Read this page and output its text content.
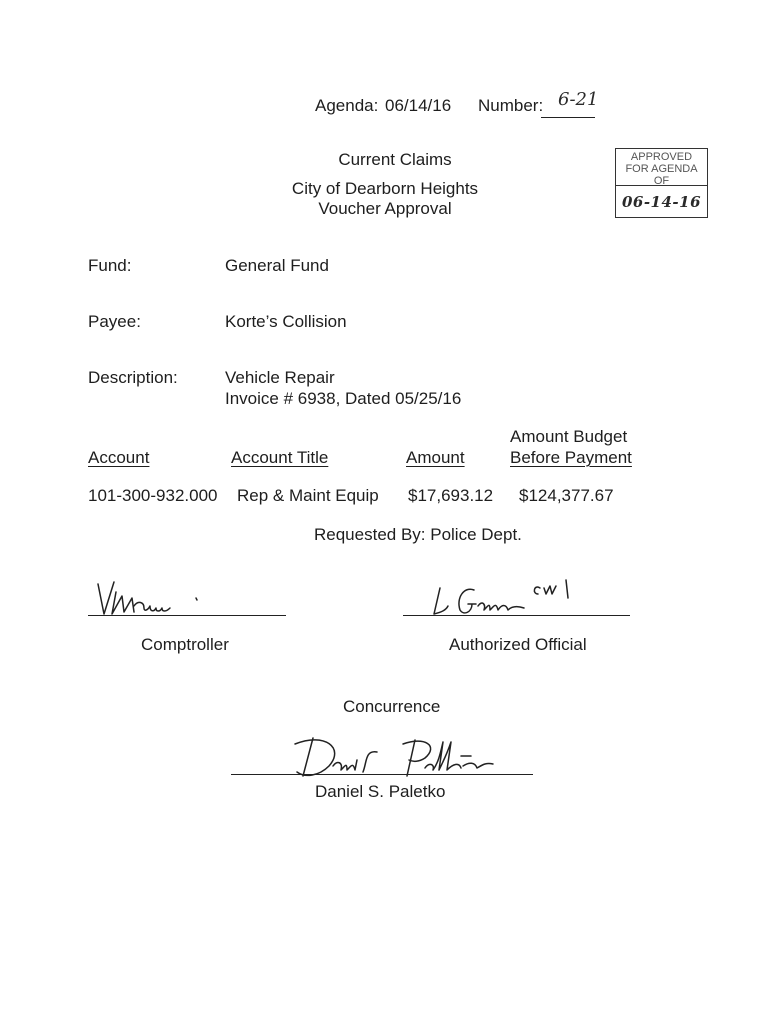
Agenda: 06/14/16 Number: 6-21
Current Claims
City of Dearborn Heights
Voucher Approval
APPROVED FOR AGENDA OF
06-14-16
Fund:	General Fund
Payee:	Korte’s Collision
Description:	Vehicle Repair
Invoice # 6938, Dated 05/25/16
Amount Budget
Account	Account Title	Amount	Before Payment
101-300-932.000 Rep & Maint Equip $17,693.12 $124,377.67
Requested By: Police Dept.
Comptroller	Authorized Official
Concurrence
Daniel S. Paletko
